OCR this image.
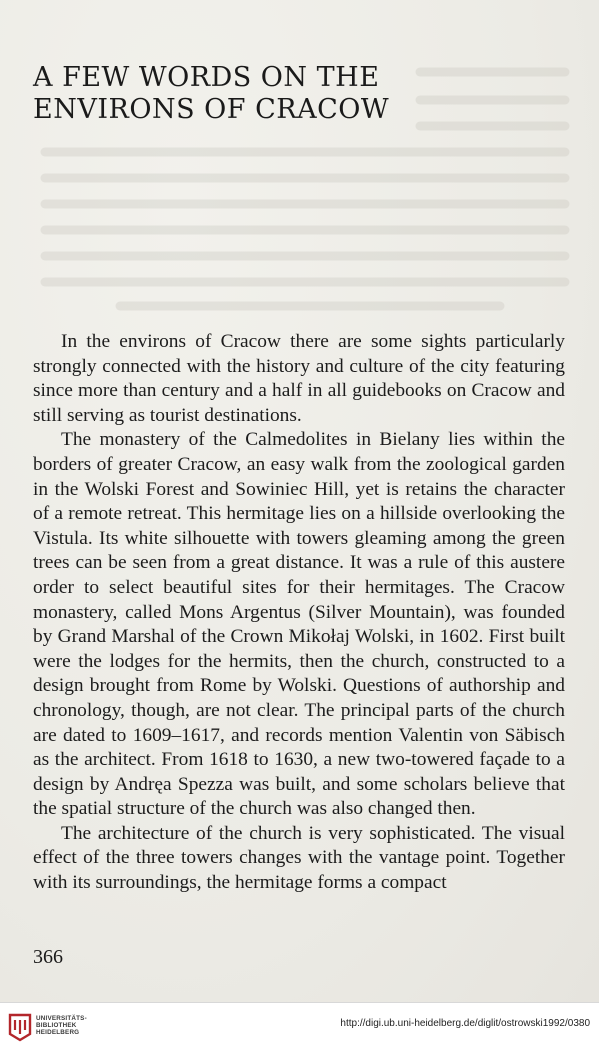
A FEW WORDS ON THE
ENVIRONS OF CRACOW

In the environs of Cracow there are some sights particularly strongly connected with the history and culture of the city featuring since more than century and a half in all guidebooks on Cracow and still serving as tourist destinations.

The monastery of the Calmedolites in Bielany lies within the borders of greater Cracow, an easy walk from the zoological garden in the Wolski Forest and Sowiniec Hill, yet is retains the character of a remote retreat. This hermitage lies on a hillside overlooking the Vistula. Its white silhouette with towers gleaming among the green trees can be seen from a great distance. It was a rule of this austere order to select beautiful sites for their hermitages. The Cracow monastery, called Mons Argentus (Silver Mountain), was founded by Grand Marshal of the Crown Mikołaj Wolski, in 1602. First built were the lodges for the hermits, then the church, constructed to a design brought from Rome by Wolski. Questions of authorship and chronology, though, are not clear. The principal parts of the church are dated to 1609–1617, and records mention Valentin von Säbisch as the architect. From 1618 to 1630, a new two-towered façade to a design by Andręa Spezza was built, and some scholars believe that the spatial structure of the church was also changed then.

The architecture of the church is very sophisticated. The visual effect of the three towers changes with the vantage point. Together with its surroundings, the hermitage forms a compact

366
UNIVERSITÄTS-
BIBLIOTHEK
HEIDELBERG
http://digi.ub.uni-heidelberg.de/diglit/ostrowski1992/0380
